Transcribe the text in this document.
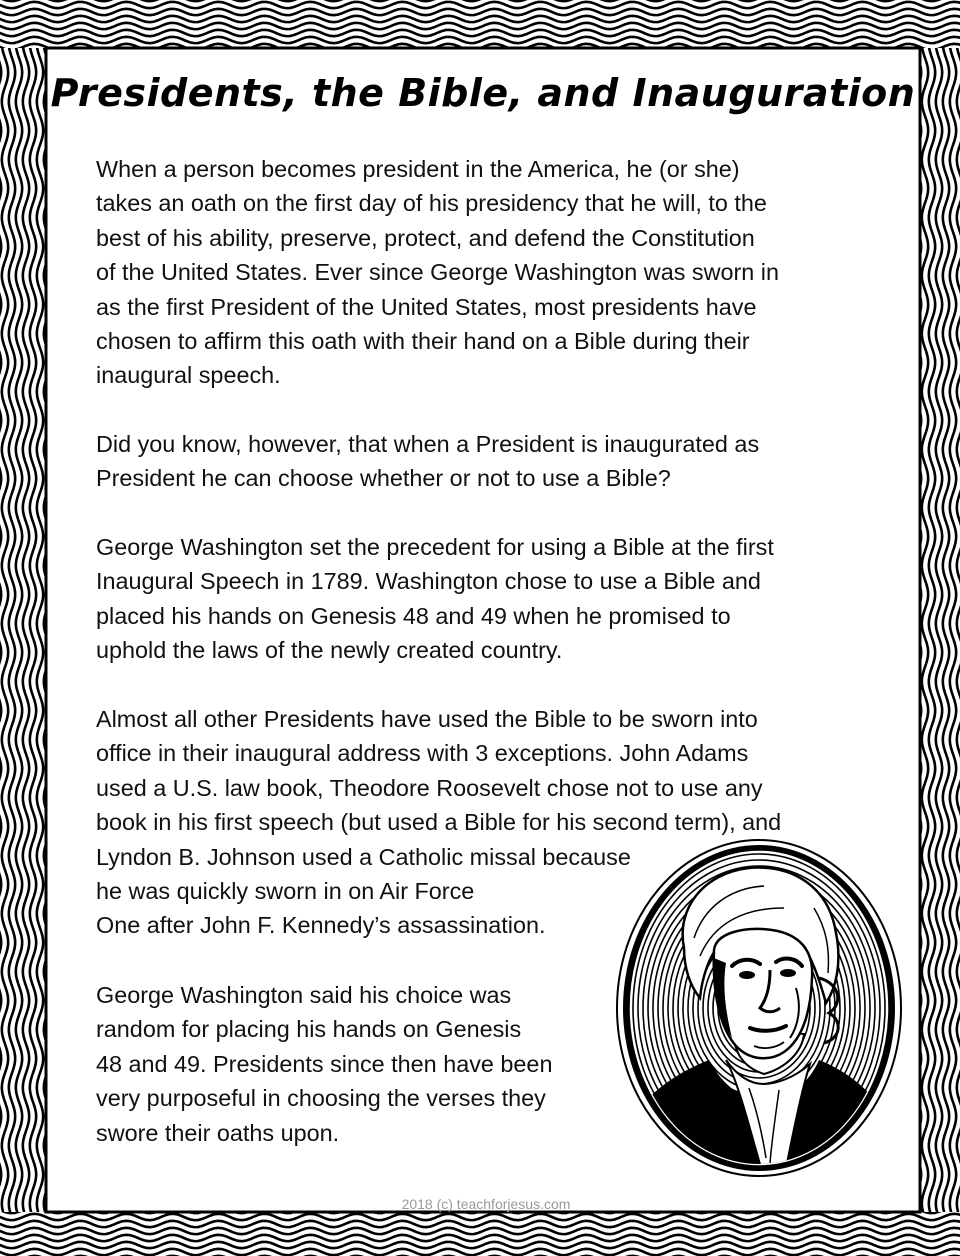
Presidents, the Bible, and Inauguration

When a person becomes president in the America, he (or she)
takes an oath on the first day of his presidency that he will, to the
best of his ability, preserve, protect, and defend the Constitution
of the United States. Ever since George Washington was sworn in
as the first President of the United States, most presidents have
chosen to affirm this oath with their hand on a Bible during their
inaugural speech.

Did you know, however, that when a President is inaugurated as
President he can choose whether or not to use a Bible?

George Washington set the precedent for using a Bible at the first
Inaugural Speech in 1789. Washington chose to use a Bible and
placed his hands on Genesis 48 and 49 when he promised to
uphold the laws of the newly created country.

Almost all other Presidents have used the Bible to be sworn into
office in their inaugural address with 3 exceptions. John Adams
used a U.S. law book, Theodore Roosevelt chose not to use any
book in his first speech (but used a Bible for his second term), and
Lyndon B. Johnson used a Catholic missal because
he was quickly sworn in on Air Force
One after John F. Kennedy’s assassination.

George Washington said his choice was
random for placing his hands on Genesis
48 and 49. Presidents since then have been
very purposeful in choosing the verses they
swore their oaths upon.

2018 (c) teachforjesus.com
